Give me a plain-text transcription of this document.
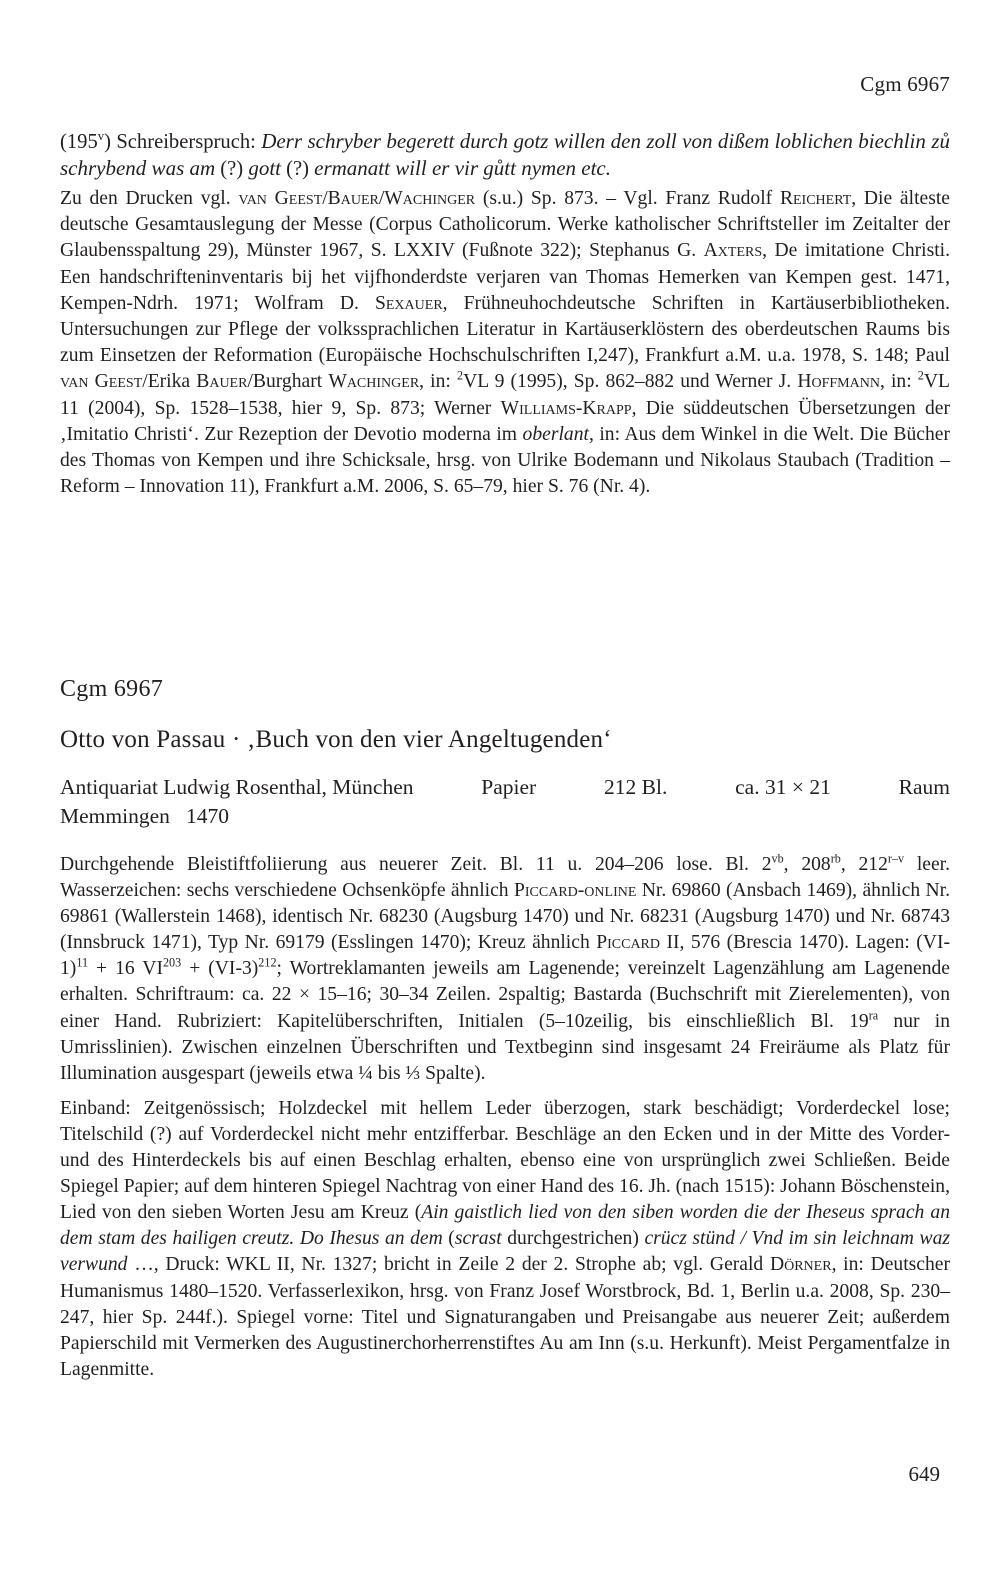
Cgm 6967

(195$^v$) Schreiberspruch: Derr schryber begerett durch gotz willen den zoll von dißem loblichen biechlin zů schrybend was am (?) gott (?) ermanatt will er vir gůtt nymen etc.

Zu den Drucken vgl. van Geest/Bauer/Wachinger (s.u.) Sp. 873. – Vgl. Franz Rudolf Reichert, Die älteste deutsche Gesamtauslegung der Messe (Corpus Catholicorum. Werke katholischer Schriftsteller im Zeitalter der Glaubensspaltung 29), Münster 1967, S. LXXIV (Fußnote 322); Stephanus G. Axters, De imitatione Christi. Een handschrifteninventaris bij het vijfhonderdste verjaren van Thomas Hemerken van Kempen gest. 1471, Kempen-Ndrh. 1971; Wolfram D. Sexauer, Frühneuhochdeutsche Schriften in Kartäuserbibliotheken. Untersuchungen zur Pflege der volkssprachlichen Literatur in Kartäuserklöstern des oberdeutschen Raums bis zum Einsetzen der Reformation (Europäische Hochschulschriften I,247), Frankfurt a.M. u.a. 1978, S. 148; Paul van Geest/Erika Bauer/Burghart Wachinger, in: $^2$VL 9 (1995), Sp. 862–882 und Werner J. Hoffmann, in: $^2$VL 11 (2004), Sp. 1528–1538, hier 9, Sp. 873; Werner Williams-Krapp, Die süddeutschen Übersetzungen der ‚Imitatio Christi‘. Zur Rezeption der Devotio moderna im oberlant, in: Aus dem Winkel in die Welt. Die Bücher des Thomas von Kempen und ihre Schicksale, hrsg. von Ulrike Bodemann und Nikolaus Staubach (Tradition – Reform – Innovation 11), Frankfurt a.M. 2006, S. 65–79, hier S. 76 (Nr. 4).

Cgm 6967
Otto von Passau · ‚Buch von den vier Angeltugenden‘
Antiquariat Ludwig Rosenthal, München	Papier	212 Bl.	ca. 31 × 21	Raum
Memmingen 1470

Durchgehende Bleistiftfoliierung aus neuerer Zeit. Bl. 11 u. 204–206 lose. Bl. $2^{vb}$, $208^{rb}$, 212$^{r-v}$ leer. Wasserzeichen: sechs verschiedene Ochsenköpfe ähnlich Piccard-online Nr. 69860 (Ansbach 1469), ähnlich Nr. 69861 (Wallerstein 1468), identisch Nr. 68230 (Augsburg 1470) und Nr. 68231 (Augsburg 1470) und Nr. 68743 (Innsbruck 1471), Typ Nr. 69179 (Esslingen 1470); Kreuz ähnlich Piccard II, 576 (Brescia 1470). Lagen: $(VI-1)^{11} + 16$ $VI^{203} + (VI-3)^{212}$; Wortreklamanten jeweils am Lagenende; vereinzelt Lagenzählung am Lagenende erhalten. Schriftraum: ca. 22 × 15–16; 30–34 Zeilen. 2spaltig; Bastarda (Buchschrift mit Zierelementen), von einer Hand. Rubriziert: Kapitelüberschriften, Initialen (5–10zeilig, bis einschließlich Bl. $19^{ra}$ nur in Umrisslinien). Zwischen einzelnen Überschriften und Textbeginn sind insgesamt 24 Freiräume als Platz für Illumination ausgespart (jeweils etwa ¼ bis ⅓ Spalte).

Einband: Zeitgenössisch; Holzdeckel mit hellem Leder überzogen, stark beschädigt; Vorderdeckel lose; Titelschild (?) auf Vorderdeckel nicht mehr entzifferbar. Beschläge an den Ecken und in der Mitte des Vorder- und des Hinterdeckels bis auf einen Beschlag erhalten, ebenso eine von ursprünglich zwei Schließen. Beide Spiegel Papier; auf dem hinteren Spiegel Nachtrag von einer Hand des 16. Jh. (nach 1515): Johann Böschenstein, Lied von den sieben Worten Jesu am Kreuz (Ain gaistlich lied von den siben worden die der Iheseus sprach an dem stam des hailigen creutz. Do Ihesus an dem (scrast durchgestrichen) crücz stünd / Vnd im sin leichnam waz verwund …, Druck: WKL II, Nr. 1327; bricht in Zeile 2 der 2. Strophe ab; vgl. Gerald Dörner, in: Deutscher Humanismus 1480–1520. Verfasserlexikon, hrsg. von Franz Josef Worstbrock, Bd. 1, Berlin u.a. 2008, Sp. 230–247, hier Sp. 244f.). Spiegel vorne: Titel und Signaturangaben und Preisangabe aus neuerer Zeit; außerdem Papierschild mit Vermerken des Augustinerchorherrenstiftes Au am Inn (s.u. Herkunft). Meist Pergamentfalze in Lagenmitte.

649
